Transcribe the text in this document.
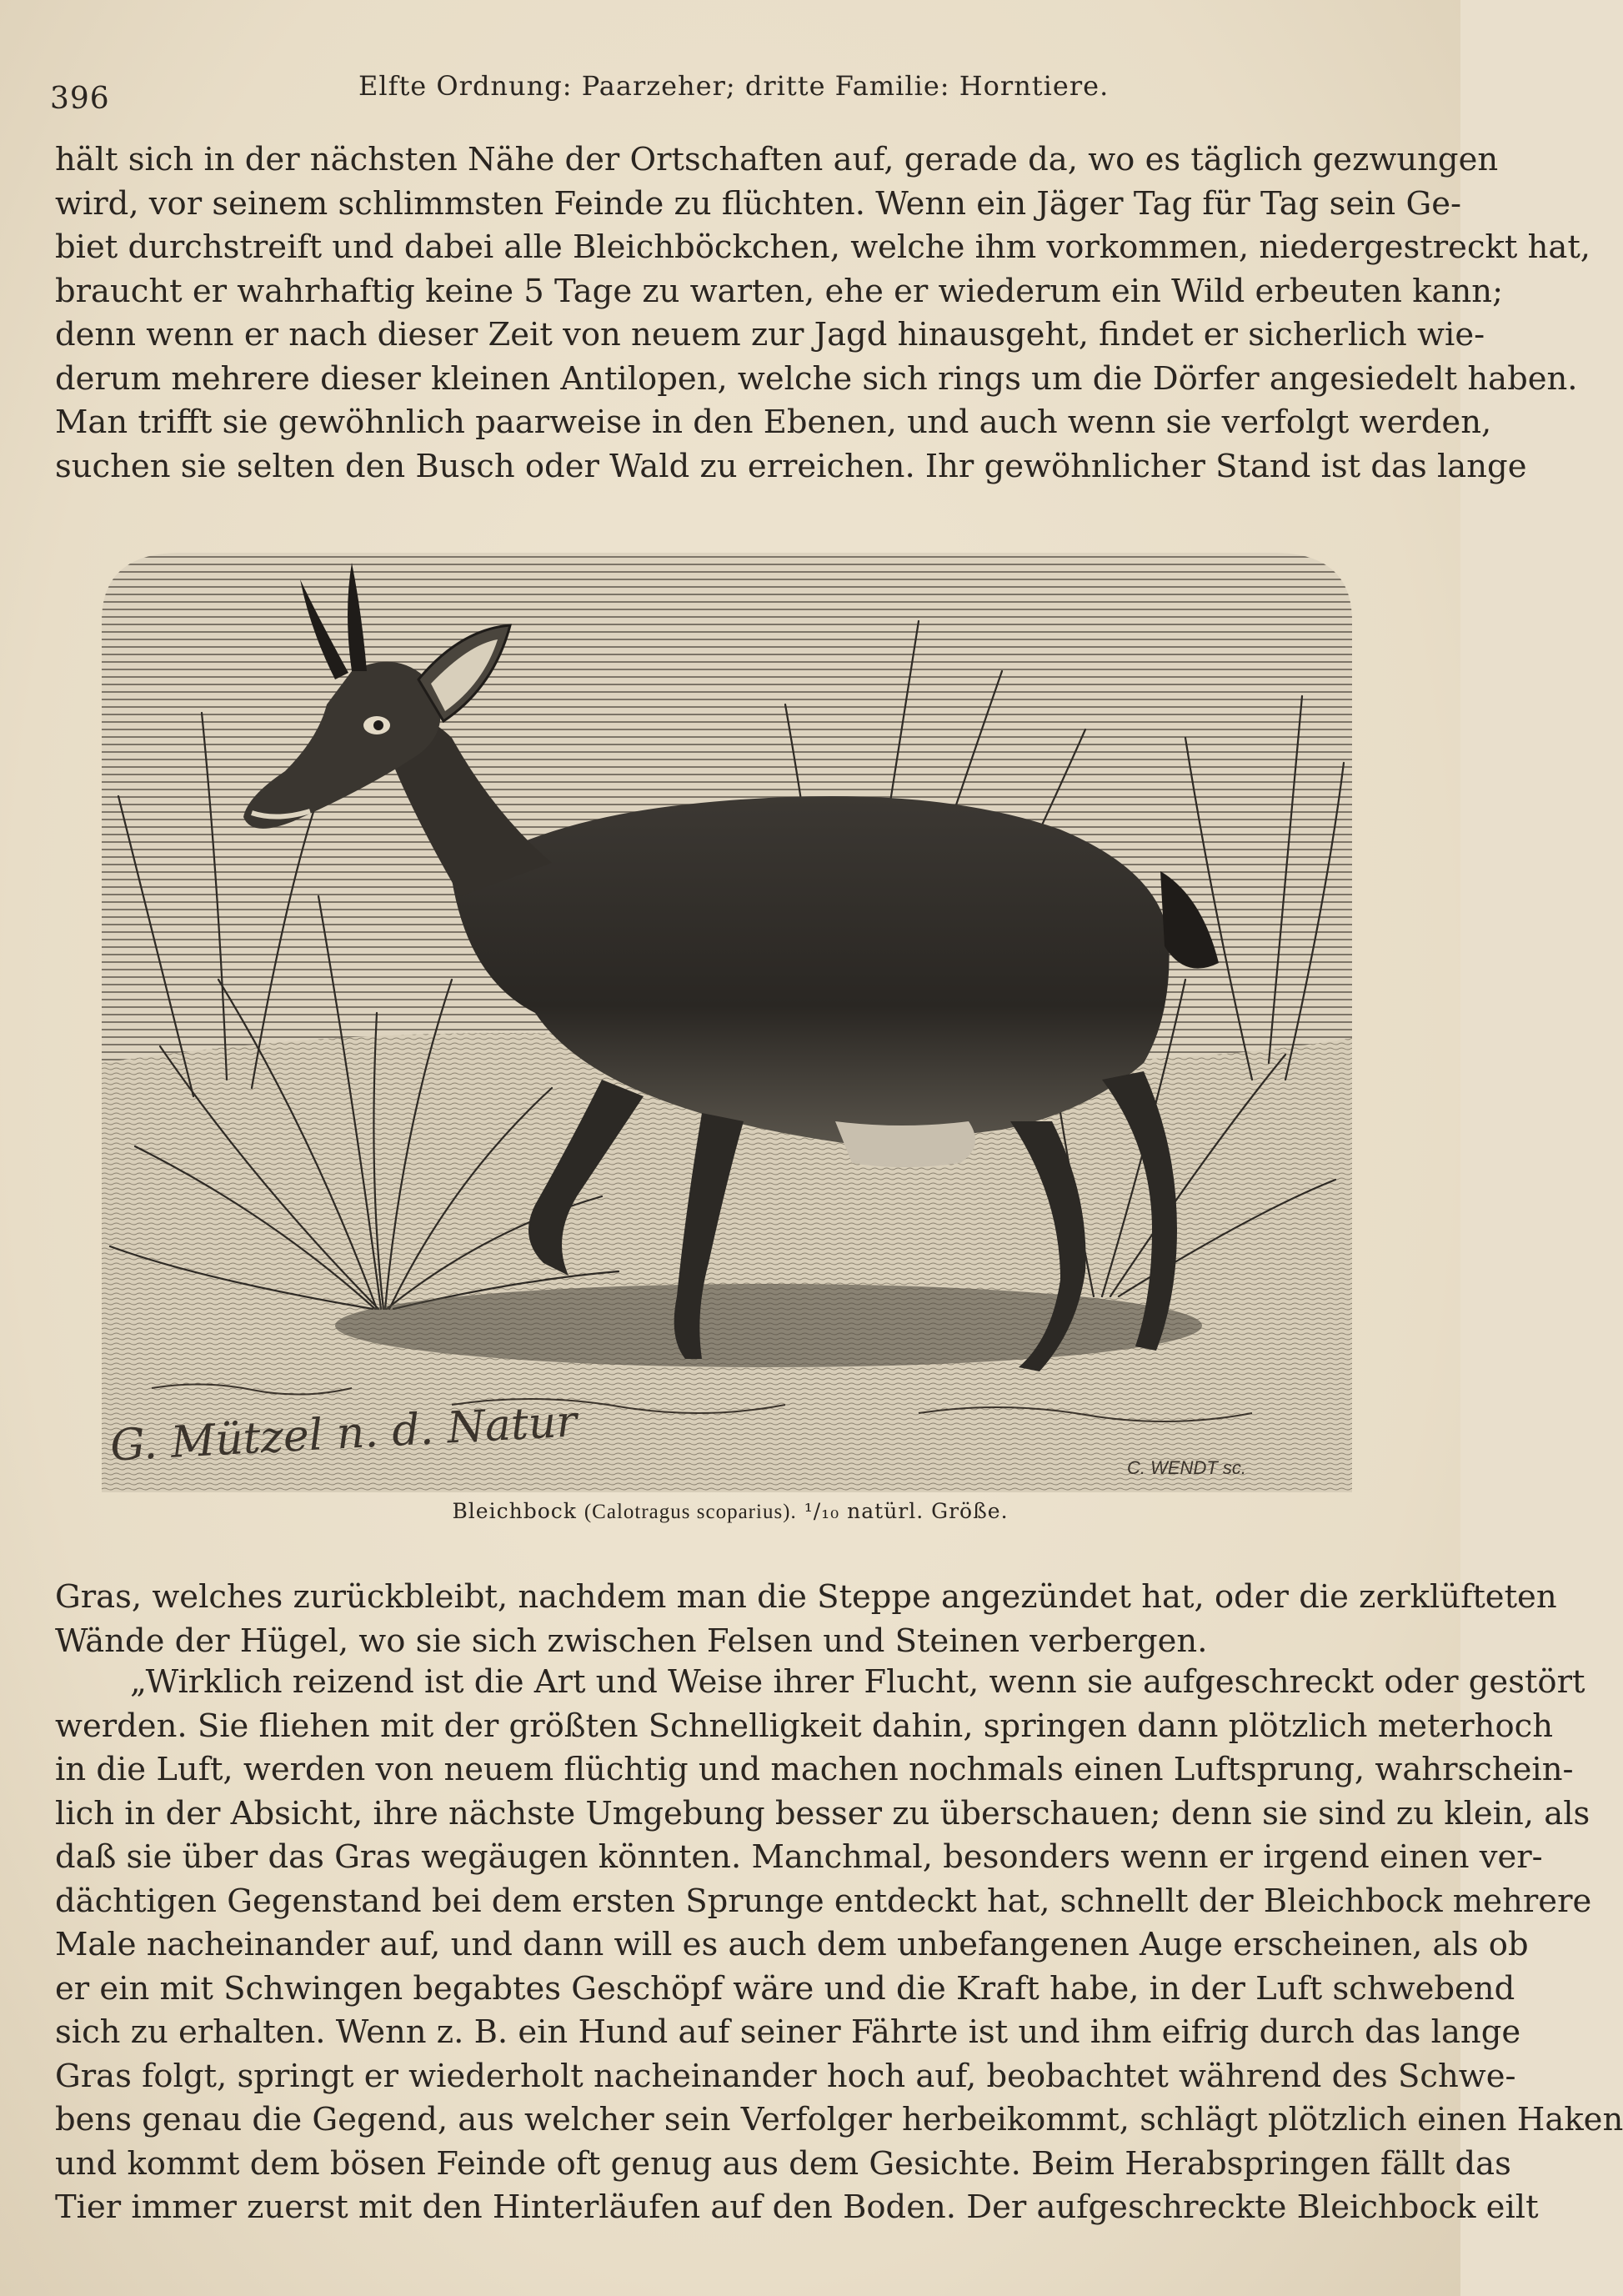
396	Elfte Ordnung: Paarzeher; dritte Familie: Horntiere.
hält sich in der nächsten Nähe der Ortschaften auf, gerade da, wo es täglich gezwungen
wird, vor seinem schlimmsten Feinde zu flüchten. Wenn ein Jäger Tag für Tag sein Ge-
biet durchstreift und dabei alle Bleichböckchen, welche ihm vorkommen, niedergestreckt hat,
braucht er wahrhaftig keine 5 Tage zu warten, ehe er wiederum ein Wild erbeuten kann;
denn wenn er nach dieser Zeit von neuem zur Jagd hinausgeht, findet er sicherlich wie-
derum mehrere dieser kleinen Antilopen, welche sich rings um die Dörfer angesiedelt haben.
Man trifft sie gewöhnlich paarweise in den Ebenen, und auch wenn sie verfolgt werden,
suchen sie selten den Busch oder Wald zu erreichen. Ihr gewöhnlicher Stand ist das lange
G. Mützel n. d. Natur	C. WENDT sc.
Bleichbock (Calotragus scoparius). ¹/₁₀ natürl. Größe.
Gras, welches zurückbleibt, nachdem man die Steppe angezündet hat, oder die zerklüfteten
Wände der Hügel, wo sie sich zwischen Felsen und Steinen verbergen.
„Wirklich reizend ist die Art und Weise ihrer Flucht, wenn sie aufgeschreckt oder gestört
werden. Sie fliehen mit der größten Schnelligkeit dahin, springen dann plötzlich meterhoch
in die Luft, werden von neuem flüchtig und machen nochmals einen Luftsprung, wahrschein-
lich in der Absicht, ihre nächste Umgebung besser zu überschauen; denn sie sind zu klein, als
daß sie über das Gras wegäugen könnten. Manchmal, besonders wenn er irgend einen ver-
dächtigen Gegenstand bei dem ersten Sprunge entdeckt hat, schnellt der Bleichbock mehrere
Male nacheinander auf, und dann will es auch dem unbefangenen Auge erscheinen, als ob
er ein mit Schwingen begabtes Geschöpf wäre und die Kraft habe, in der Luft schwebend
sich zu erhalten. Wenn z. B. ein Hund auf seiner Fährte ist und ihm eifrig durch das lange
Gras folgt, springt er wiederholt nacheinander hoch auf, beobachtet während des Schwe-
bens genau die Gegend, aus welcher sein Verfolger herbeikommt, schlägt plötzlich einen Haken
und kommt dem bösen Feinde oft genug aus dem Gesichte. Beim Herabspringen fällt das
Tier immer zuerst mit den Hinterläufen auf den Boden. Der aufgeschreckte Bleichbock eilt
